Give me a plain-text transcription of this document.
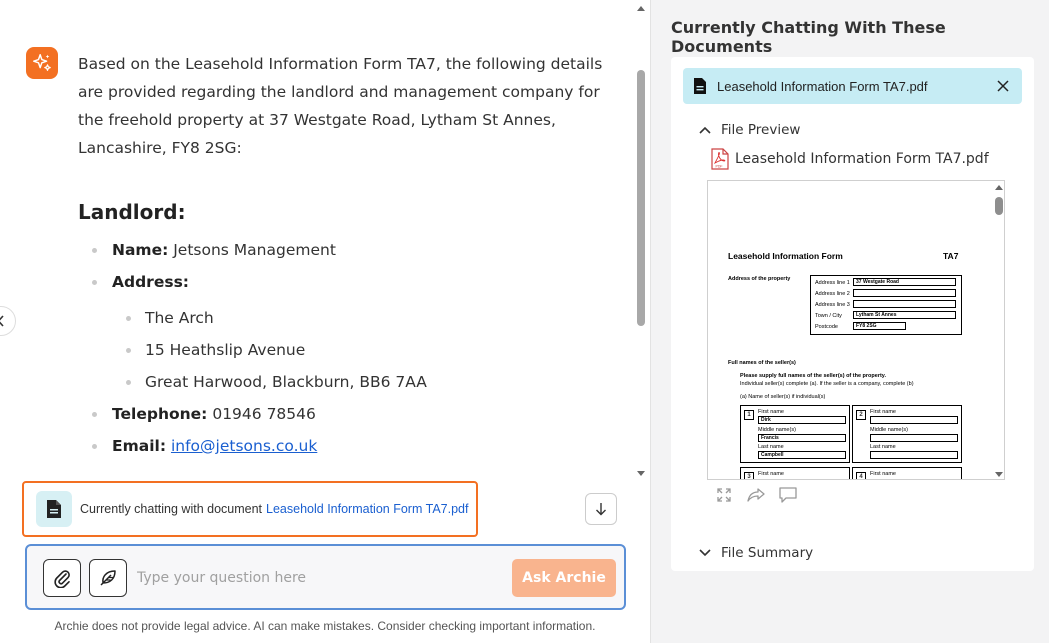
Based on the Leasehold Information Form TA7, the following details are provided regarding the landlord and management company for the freehold property at 37 Westgate Road, Lytham St Annes, Lancashire, FY8 2SG:

Landlord:
Name: Jetsons Management
Address:
The Arch
15 Heathslip Avenue
Great Harwood, Blackburn, BB6 7AA
Telephone: 01946 78546
Email: info@jetsons.co.uk
Currently chatting with document Leasehold Information Form TA7.pdf
Type your question here
Ask Archie
Archie does not provide legal advice. AI can make mistakes. Consider checking important information.
Currently Chatting With These Documents
Leasehold Information Form TA7.pdf
File Preview
PDF Leasehold Information Form TA7.pdf
Leasehold Information Form	TA7
Address of the property
Address line 1	37 Westgate Road
Address line 2
Address line 3
Town / City	Lytham St Annes
Postcode	FY8 2SG
Full names of the seller(s)
Please supply full names of the seller(s) of the property.
Individual seller(s) complete (a). If the seller is a company, complete (b)
(a) Name of seller(s) if individual(s)
1	First name
Dirk
Middle name(s)
Francis
Last name
Campbell
2	First name
Middle name(s)
Last name
3	First name	4	First name
File Summary
